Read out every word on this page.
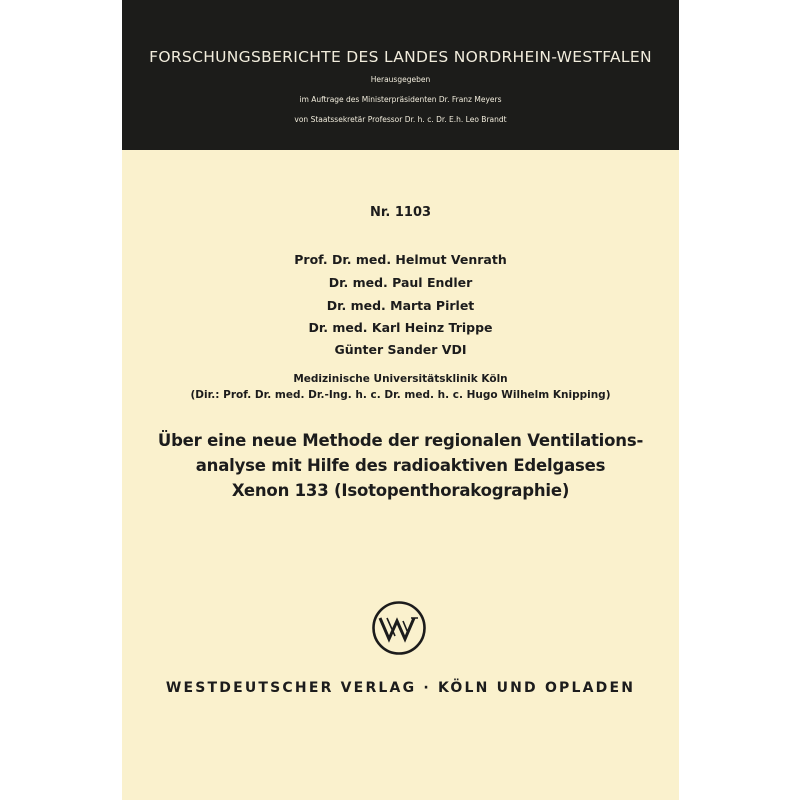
FORSCHUNGSBERICHTE DES LANDES NORDRHEIN-WESTFALEN
Herausgegeben
im Auftrage des Ministerpräsidenten Dr. Franz Meyers
von Staatssekretär Professor Dr. h. c. Dr. E.h. Leo Brandt
Nr. 1103
Prof. Dr. med. Helmut Venrath
Dr. med. Paul Endler
Dr. med. Marta Pirlet
Dr. med. Karl Heinz Trippe
Günter Sander VDI
Medizinische Universitätsklinik Köln
(Dir.: Prof. Dr. med. Dr.-Ing. h. c. Dr. med. h. c. Hugo Wilhelm Knipping)
Über eine neue Methode der regionalen Ventilations-
analyse mit Hilfe des radioaktiven Edelgases
Xenon 133 (Isotopenthorakographie)
WESTDEUTSCHER VERLAG · KÖLN UND OPLADEN
